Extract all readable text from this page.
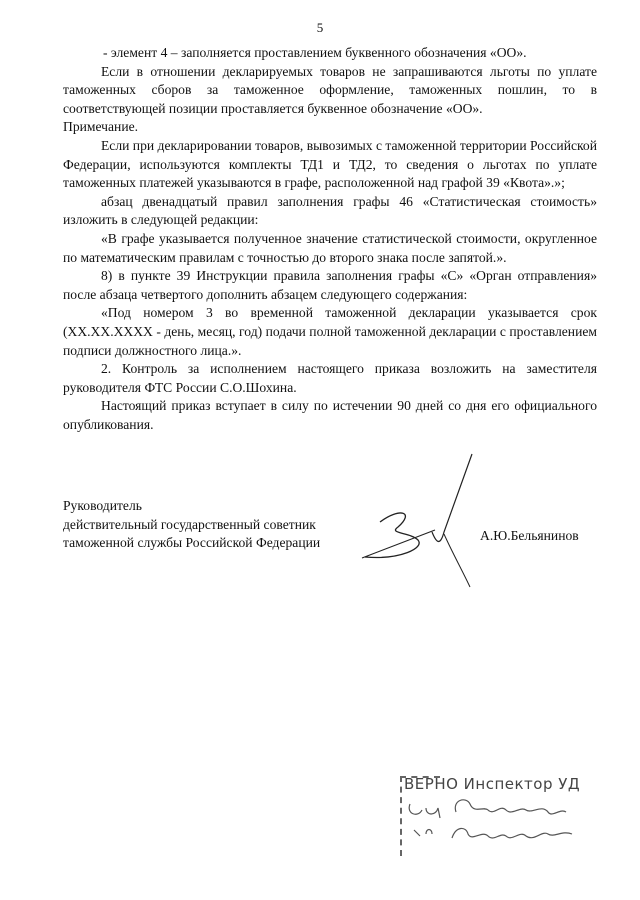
5

- элемент 4 – заполняется проставлением буквенного обозначения «ОО».

Если в отношении декларируемых товаров не запрашиваются льготы по уплате таможенных сборов за таможенное оформление, таможенных пошлин, то в соответствующей позиции проставляется буквенное обозначение «ОО».

Примечание.

Если при декларировании товаров, вывозимых с таможенной территории Российской Федерации, используются комплекты ТД1 и ТД2, то сведения о льготах по уплате таможенных платежей указываются в графе, расположенной над графой 39 «Квота».»;

абзац двенадцатый правил заполнения графы 46 «Статистическая стоимость» изложить в следующей редакции:

«В графе указывается полученное значение статистической стоимости, округленное по математическим правилам с точностью до второго знака после запятой.».

8) в пункте 39 Инструкции правила заполнения графы «С» «Орган отправления» после абзаца четвертого дополнить абзацем следующего содержания:

«Под номером 3 во временной таможенной декларации указывается срок (ХХ.ХХ.ХХХХ - день, месяц, год) подачи полной таможенной декларации с проставлением подписи должностного лица.».

2. Контроль за исполнением настоящего приказа возложить на заместителя руководителя ФТС России С.О.Шохина.

Настоящий приказ вступает в силу по истечении 90 дней со дня его официального опубликования.

Руководитель
действительный государственный советник
таможенной службы Российской Федерации	А.Ю.Бельянинов
ВЕРНО Инспектор УД
